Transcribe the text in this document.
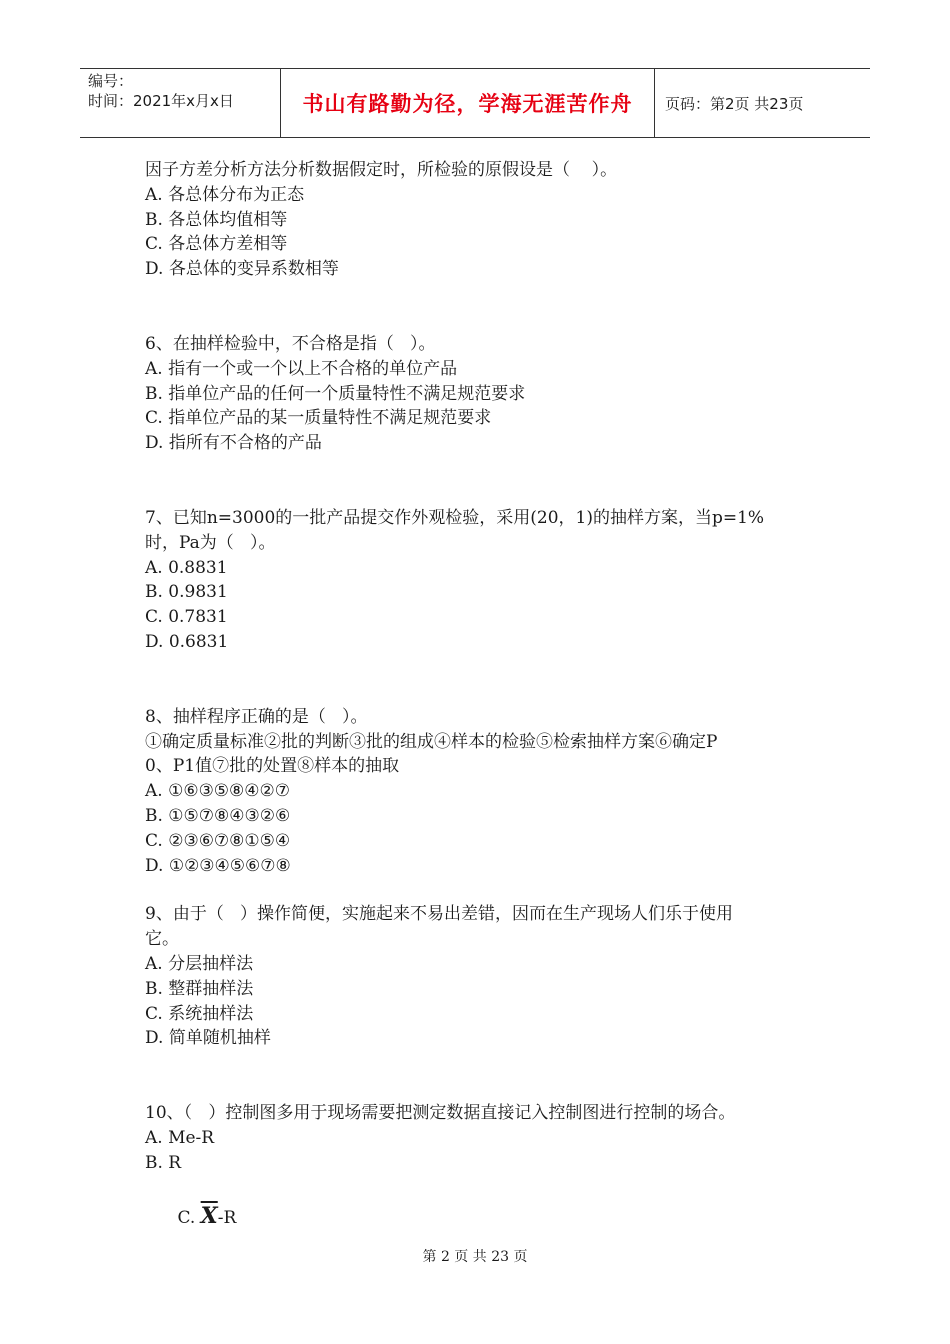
编号：
时间：2021年x月x日	书山有路勤为径，学海无涯苦作舟	页码：第2页 共23页
因子方差分析方法分析数据假定时，所检验的原假设是（    ）。
A. 各总体分布为正态
B. 各总体均值相等
C. 各总体方差相等
D. 各总体的变异系数相等
6、在抽样检验中，不合格是指（   ）。
A. 指有一个或一个以上不合格的单位产品
B. 指单位产品的任何一个质量特性不满足规范要求
C. 指单位产品的某一质量特性不满足规范要求
D. 指所有不合格的产品
7、已知n=3000的一批产品提交作外观检验，采用(20，1)的抽样方案，当p=1%
时，Pa为（   ）。
A. 0.8831
B. 0.9831
C. 0.7831
D. 0.6831
8、抽样程序正确的是（   ）。
①确定质量标准②批的判断③批的组成④样本的检验⑤检索抽样方案⑥确定P
0、P1值⑦批的处置⑧样本的抽取
A. ①⑥③⑤⑧④②⑦
B. ①⑤⑦⑧④③②⑥
C. ②③⑥⑦⑧①⑤④
D. ①②③④⑤⑥⑦⑧
9、由于（   ）操作简便，实施起来不易出差错，因而在生产现场人们乐于使用
它。
A. 分层抽样法
B. 整群抽样法
C. 系统抽样法
D. 简单随机抽样
10、（   ）控制图多用于现场需要把测定数据直接记入控制图进行控制的场合。
A. Me-R
B. R

C. $\overline{X}-R$

第 2 页 共 23 页
